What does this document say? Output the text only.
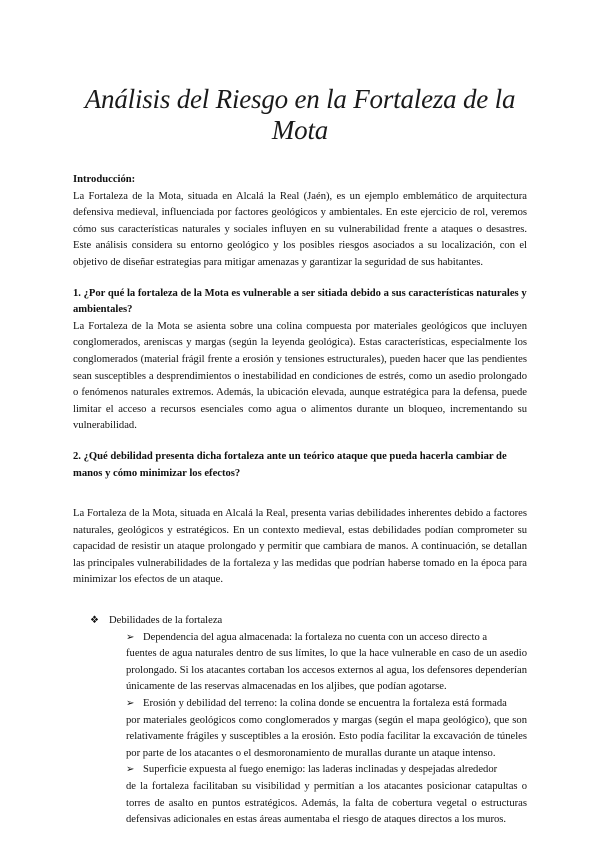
Análisis del Riesgo en la Fortaleza de la Mota

Introducción:

La Fortaleza de la Mota, situada en Alcalá la Real (Jaén), es un ejemplo emblemático de arquitectura defensiva medieval, influenciada por factores geológicos y ambientales. En este ejercicio de rol, veremos cómo sus características naturales y sociales influyen en su vulnerabilidad frente a ataques o desastres. Este análisis considera su entorno geológico y los posibles riesgos asociados a su localización, con el objetivo de diseñar estrategias para mitigar amenazas y garantizar la seguridad de sus habitantes.

1. ¿Por qué la fortaleza de la Mota es vulnerable a ser sitiada debido a sus características naturales y ambientales?

La Fortaleza de la Mota se asienta sobre una colina compuesta por materiales geológicos que incluyen conglomerados, areniscas y margas (según la leyenda geológica). Estas características, especialmente los conglomerados (material frágil frente a erosión y tensiones estructurales), pueden hacer que las pendientes sean susceptibles a desprendimientos o inestabilidad en condiciones de estrés, como un asedio prolongado o fenómenos naturales extremos. Además, la ubicación elevada, aunque estratégica para la defensa, puede limitar el acceso a recursos esenciales como agua o alimentos durante un bloqueo, incrementando su vulnerabilidad.

2. ¿Qué debilidad presenta dicha fortaleza ante un teórico ataque que pueda hacerla cambiar de manos y cómo minimizar los efectos?

La Fortaleza de la Mota, situada en Alcalá la Real, presenta varias debilidades inherentes debido a factores naturales, geológicos y estratégicos. En un contexto medieval, estas debilidades podían comprometer su capacidad de resistir un ataque prolongado y permitir que cambiara de manos. A continuación, se detallan las principales vulnerabilidades de la fortaleza y las medidas que podrían haberse tomado en la época para minimizar los efectos de un ataque.

❖ Debilidades de la fortaleza

➢ Dependencia del agua almacenada: la fortaleza no cuenta con un acceso directo a
fuentes de agua naturales dentro de sus límites, lo que la hace vulnerable en caso de un asedio prolongado. Si los atacantes cortaban los accesos externos al agua, los defensores dependerían únicamente de las reservas almacenadas en los aljibes, que podían agotarse.
➢ Erosión y debilidad del terreno: la colina donde se encuentra la fortaleza está formada
por materiales geológicos como conglomerados y margas (según el mapa geológico), que son relativamente frágiles y susceptibles a la erosión. Esto podía facilitar la excavación de túneles por parte de los atacantes o el desmoronamiento de murallas durante un ataque intenso.
➢ Superficie expuesta al fuego enemigo: las laderas inclinadas y despejadas alrededor
de la fortaleza facilitaban su visibilidad y permitían a los atacantes posicionar catapultas o torres de asalto en puntos estratégicos. Además, la falta de cobertura vegetal o estructuras defensivas adicionales en estas áreas aumentaba el riesgo de ataques directos a los muros.
